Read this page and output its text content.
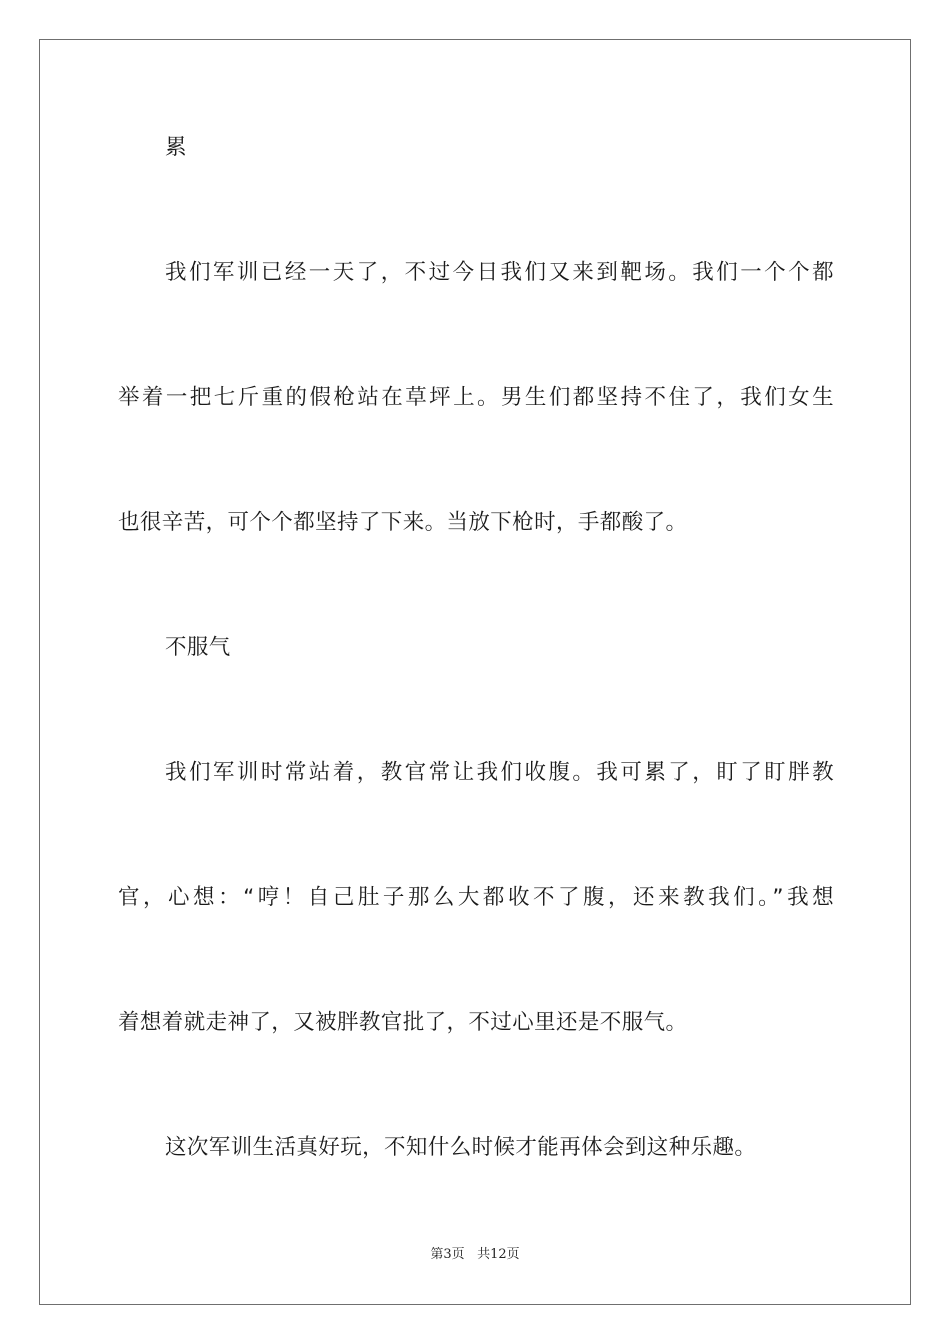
累
我们军训已经一天了，不过今日我们又来到靶场。我们一个个都
举着一把七斤重的假枪站在草坪上。男生们都坚持不住了，我们女生
也很辛苦，可个个都坚持了下来。当放下枪时，手都酸了。
不服气
我们军训时常站着，教官常让我们收腹。我可累了，盯了盯胖教
官，心想：“哼！自己肚子那么大都收不了腹，还来教我们。”我想
着想着就走神了，又被胖教官批了，不过心里还是不服气。
这次军训生活真好玩，不知什么时候才能再体会到这种乐趣。
第3页 共12页
